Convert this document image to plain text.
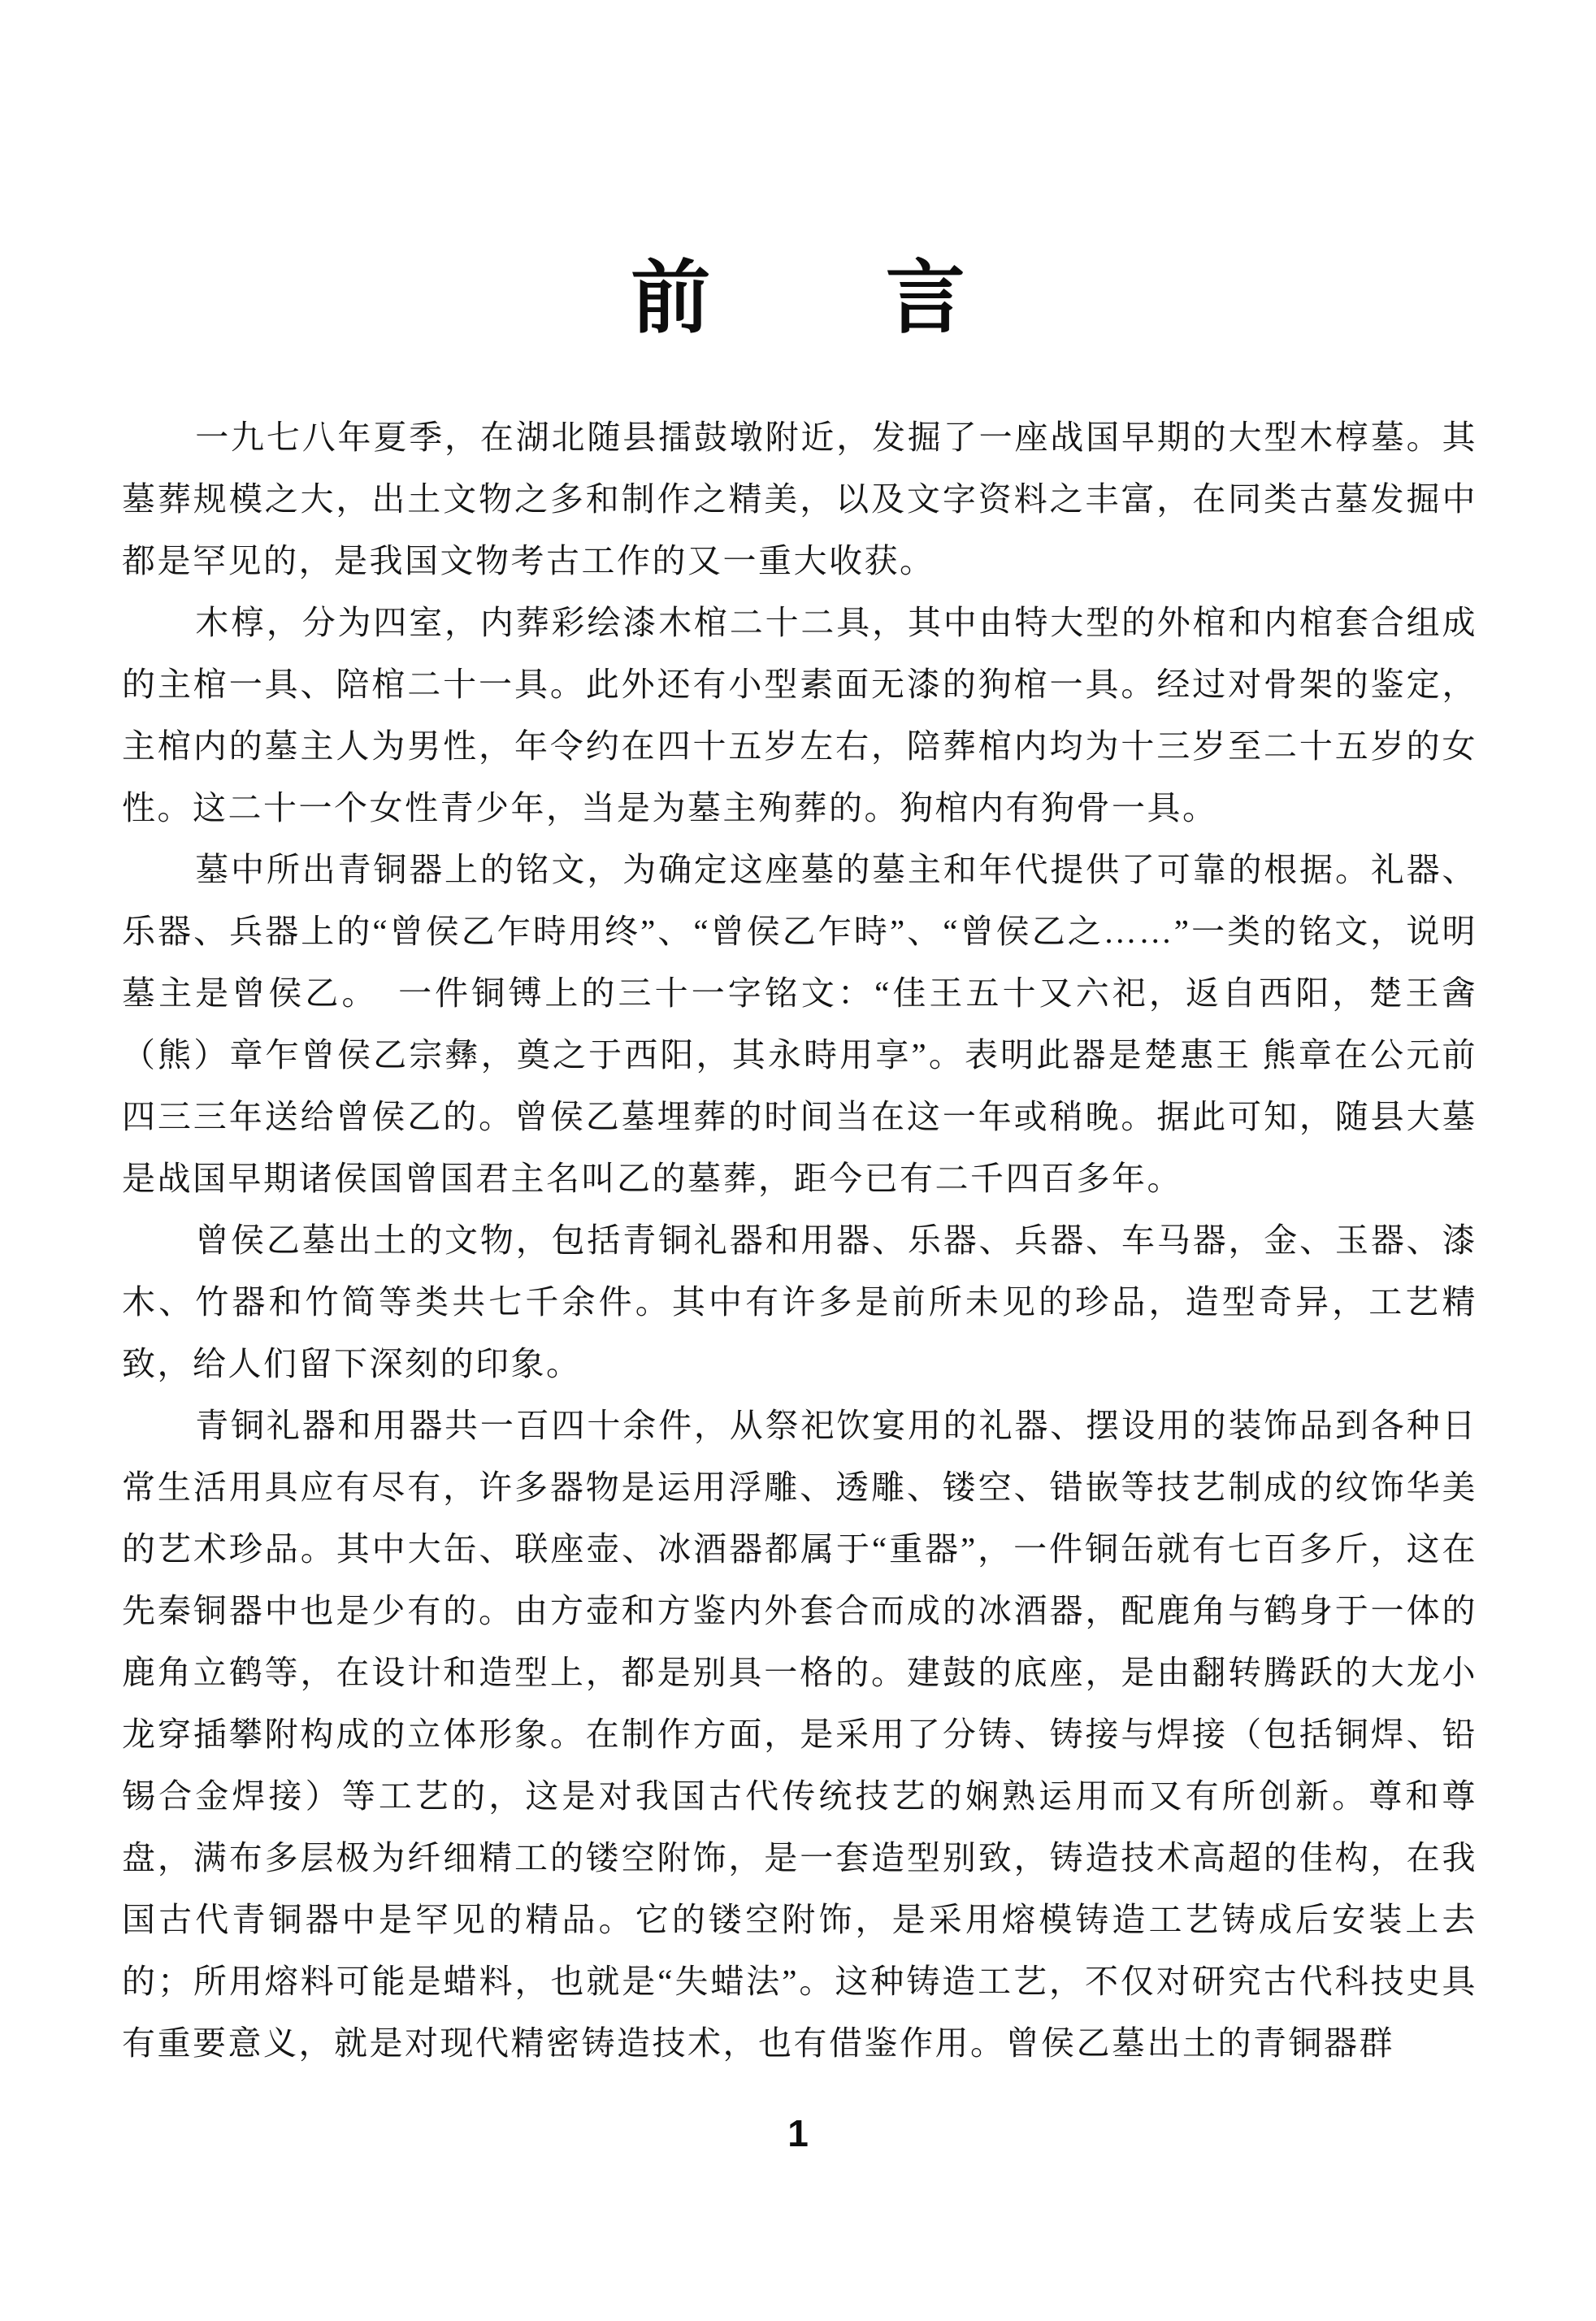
前言

一九七八年夏季，在湖北随县擂鼓墩附近，发掘了一座战国早期的大型木椁墓。其墓葬规模之大，出土文物之多和制作之精美，以及文字资料之丰富，在同类古墓发掘中都是罕见的，是我国文物考古工作的又一重大收获。

木椁，分为四室，内葬彩绘漆木棺二十二具，其中由特大型的外棺和内棺套合组成的主棺一具、陪棺二十一具。此外还有小型素面无漆的狗棺一具。经过对骨架的鉴定，主棺内的墓主人为男性，年令约在四十五岁左右，陪葬棺内均为十三岁至二十五岁的女性。这二十一个女性青少年，当是为墓主殉葬的。狗棺内有狗骨一具。

墓中所出青铜器上的铭文，为确定这座墓的墓主和年代提供了可靠的根据。礼器、乐器、兵器上的“曾侯乙乍時用终”、“曾侯乙乍時”、“曾侯乙之……”一类的铭文，说明墓主是曾侯乙。　一件铜镈上的三十一字铭文：“佳王五十又六祀，返自西阳，楚王酓（熊）章乍曾侯乙宗彝，奠之于西阳，其永時用享”。表明此器是楚惠王 熊章在公元前四三三年送给曾侯乙的。曾侯乙墓埋葬的时间当在这一年或稍晚。据此可知，随县大墓是战国早期诸侯国曾国君主名叫乙的墓葬，距今已有二千四百多年。

曾侯乙墓出土的文物，包括青铜礼器和用器、乐器、兵器、车马器，金、玉器、漆木、竹器和竹简等类共七千余件。其中有许多是前所未见的珍品，造型奇异，工艺精致，给人们留下深刻的印象。

青铜礼器和用器共一百四十余件，从祭祀饮宴用的礼器、摆设用的装饰品到各种日常生活用具应有尽有，许多器物是运用浮雕、透雕、镂空、错嵌等技艺制成的纹饰华美的艺术珍品。其中大缶、联座壶、冰酒器都属于“重器”，一件铜缶就有七百多斤，这在先秦铜器中也是少有的。由方壶和方鉴内外套合而成的冰酒器，配鹿角与鹤身于一体的鹿角立鹤等，在设计和造型上，都是别具一格的。建鼓的底座，是由翻转腾跃的大龙小龙穿插攀附构成的立体形象。在制作方面，是采用了分铸、铸接与焊接（包括铜焊、铅锡合金焊接）等工艺的，这是对我国古代传统技艺的娴熟运用而又有所创新。尊和尊盘，满布多层极为纤细精工的镂空附饰，是一套造型别致，铸造技术高超的佳构，在我国古代青铜器中是罕见的精品。它的镂空附饰，是采用熔模铸造工艺铸成后安装上去的；所用熔料可能是蜡料，也就是“失蜡法”。这种铸造工艺，不仅对研究古代科技史具有重要意义，就是对现代精密铸造技术，也有借鉴作用。曾侯乙墓出土的青铜器群

1
